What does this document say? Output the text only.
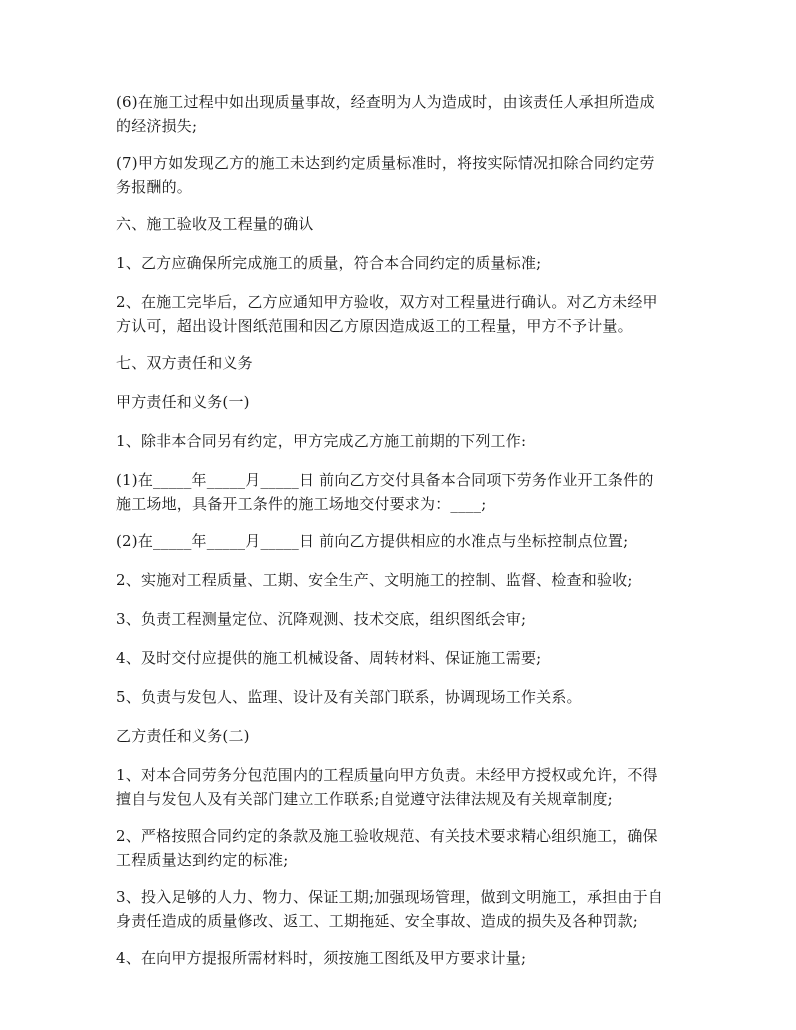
(6)在施工过程中如出现质量事故，经查明为人为造成时，由该责任人承担所造成
的经济损失;
(7)甲方如发现乙方的施工未达到约定质量标准时，将按实际情况扣除合同约定劳
务报酬的。
六、施工验收及工程量的确认
1、乙方应确保所完成施工的质量，符合本合同约定的质量标准;
2、在施工完毕后，乙方应通知甲方验收，双方对工程量进行确认。对乙方未经甲
方认可，超出设计图纸范围和因乙方原因造成返工的工程量，甲方不予计量。
七、双方责任和义务
甲方责任和义务(一)
1、除非本合同另有约定，甲方完成乙方施工前期的下列工作:
(1)在_____年_____月_____日 前向乙方交付具备本合同项下劳务作业开工条件的
施工场地，具备开工条件的施工场地交付要求为：____;
(2)在_____年_____月_____日 前向乙方提供相应的水准点与坐标控制点位置;
2、实施对工程质量、工期、安全生产、文明施工的控制、监督、检查和验收;
3、负责工程测量定位、沉降观测、技术交底，组织图纸会审;
4、及时交付应提供的施工机械设备、周转材料、保证施工需要;
5、负责与发包人、监理、设计及有关部门联系，协调现场工作关系。
乙方责任和义务(二)
1、对本合同劳务分包范围内的工程质量向甲方负责。未经甲方授权或允许，不得
擅自与发包人及有关部门建立工作联系;自觉遵守法律法规及有关规章制度;
2、严格按照合同约定的条款及施工验收规范、有关技术要求精心组织施工，确保
工程质量达到约定的标准;
3、投入足够的人力、物力、保证工期;加强现场管理，做到文明施工，承担由于自
身责任造成的质量修改、返工、工期拖延、安全事故、造成的损失及各种罚款;
4、在向甲方提报所需材料时，须按施工图纸及甲方要求计量;
